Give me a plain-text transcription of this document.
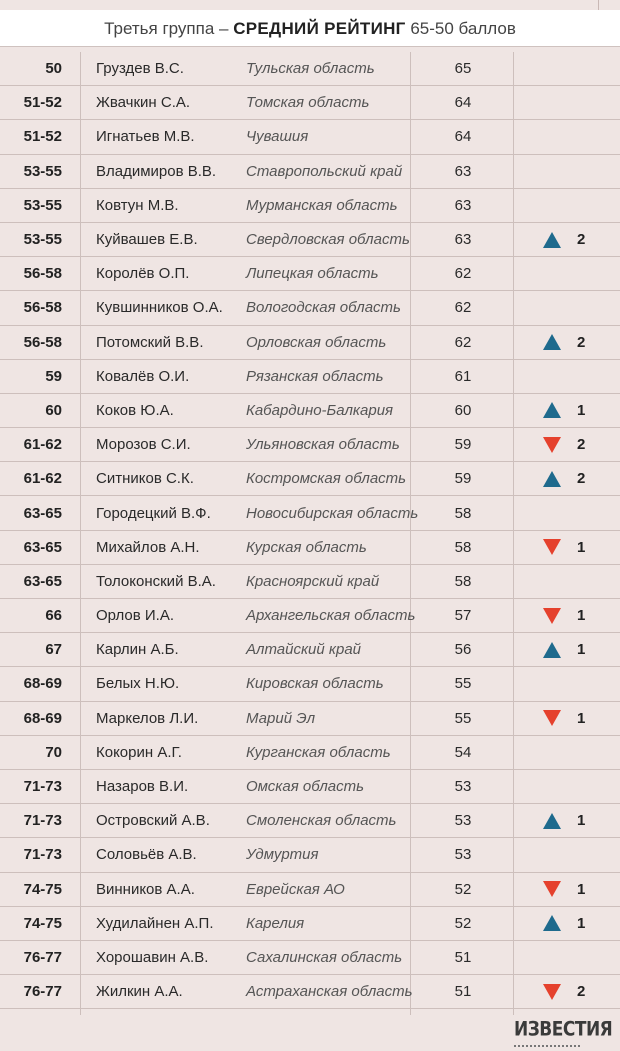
Третья группа – СРЕДНИЙ РЕЙТИНГ 65-50 баллов
50 Груздев В.С.	Тульская область	65
51-52 Жвачкин С.А.	Томская область	64
51-52 Игнатьев М.В.	Чувашия	64
53-55 Владимиров В.В.	Ставропольский край	63
53-55 Ковтун М.В.	Мурманская область	63
53-55 Куйвашев Е.В.	Свердловская область	63	2
56-58 Королёв О.П.	Липецкая область	62
56-58 Кувшинников О.А.	Вологодская область	62
56-58 Потомский В.В.	Орловская область	62	2
59 Ковалёв О.И.	Рязанская область	61
60 Коков Ю.А.	Кабардино-Балкария	60	1
61-62 Морозов С.И.	Ульяновская область	59	2
61-62 Ситников С.К.	Костромская область	59	2
63-65 Городецкий В.Ф.	Новосибирская область	58
63-65 Михайлов А.Н.	Курская область	58	1
63-65 Толоконский В.А.	Красноярский край	58
66 Орлов И.А.	Архангельская область	57	1
67 Карлин А.Б.	Алтайский край	56	1
68-69 Белых Н.Ю.	Кировская область	55
68-69 Маркелов Л.И.	Марий Эл	55	1
70 Кокорин А.Г.	Курганская область	54
71-73 Назаров В.И.	Омская область	53
71-73 Островский А.В.	Смоленская область	53	1
71-73 Соловьёв А.В.	Удмуртия	53
74-75 Винников А.А.	Еврейская АО	52	1
74-75 Худилайнен А.П.	Карелия	52	1
76-77 Хорошавин А.В.	Сахалинская область	51
76-77 Жилкин А.А.	Астраханская область	51	2
ИЗВЕСТИЯ
